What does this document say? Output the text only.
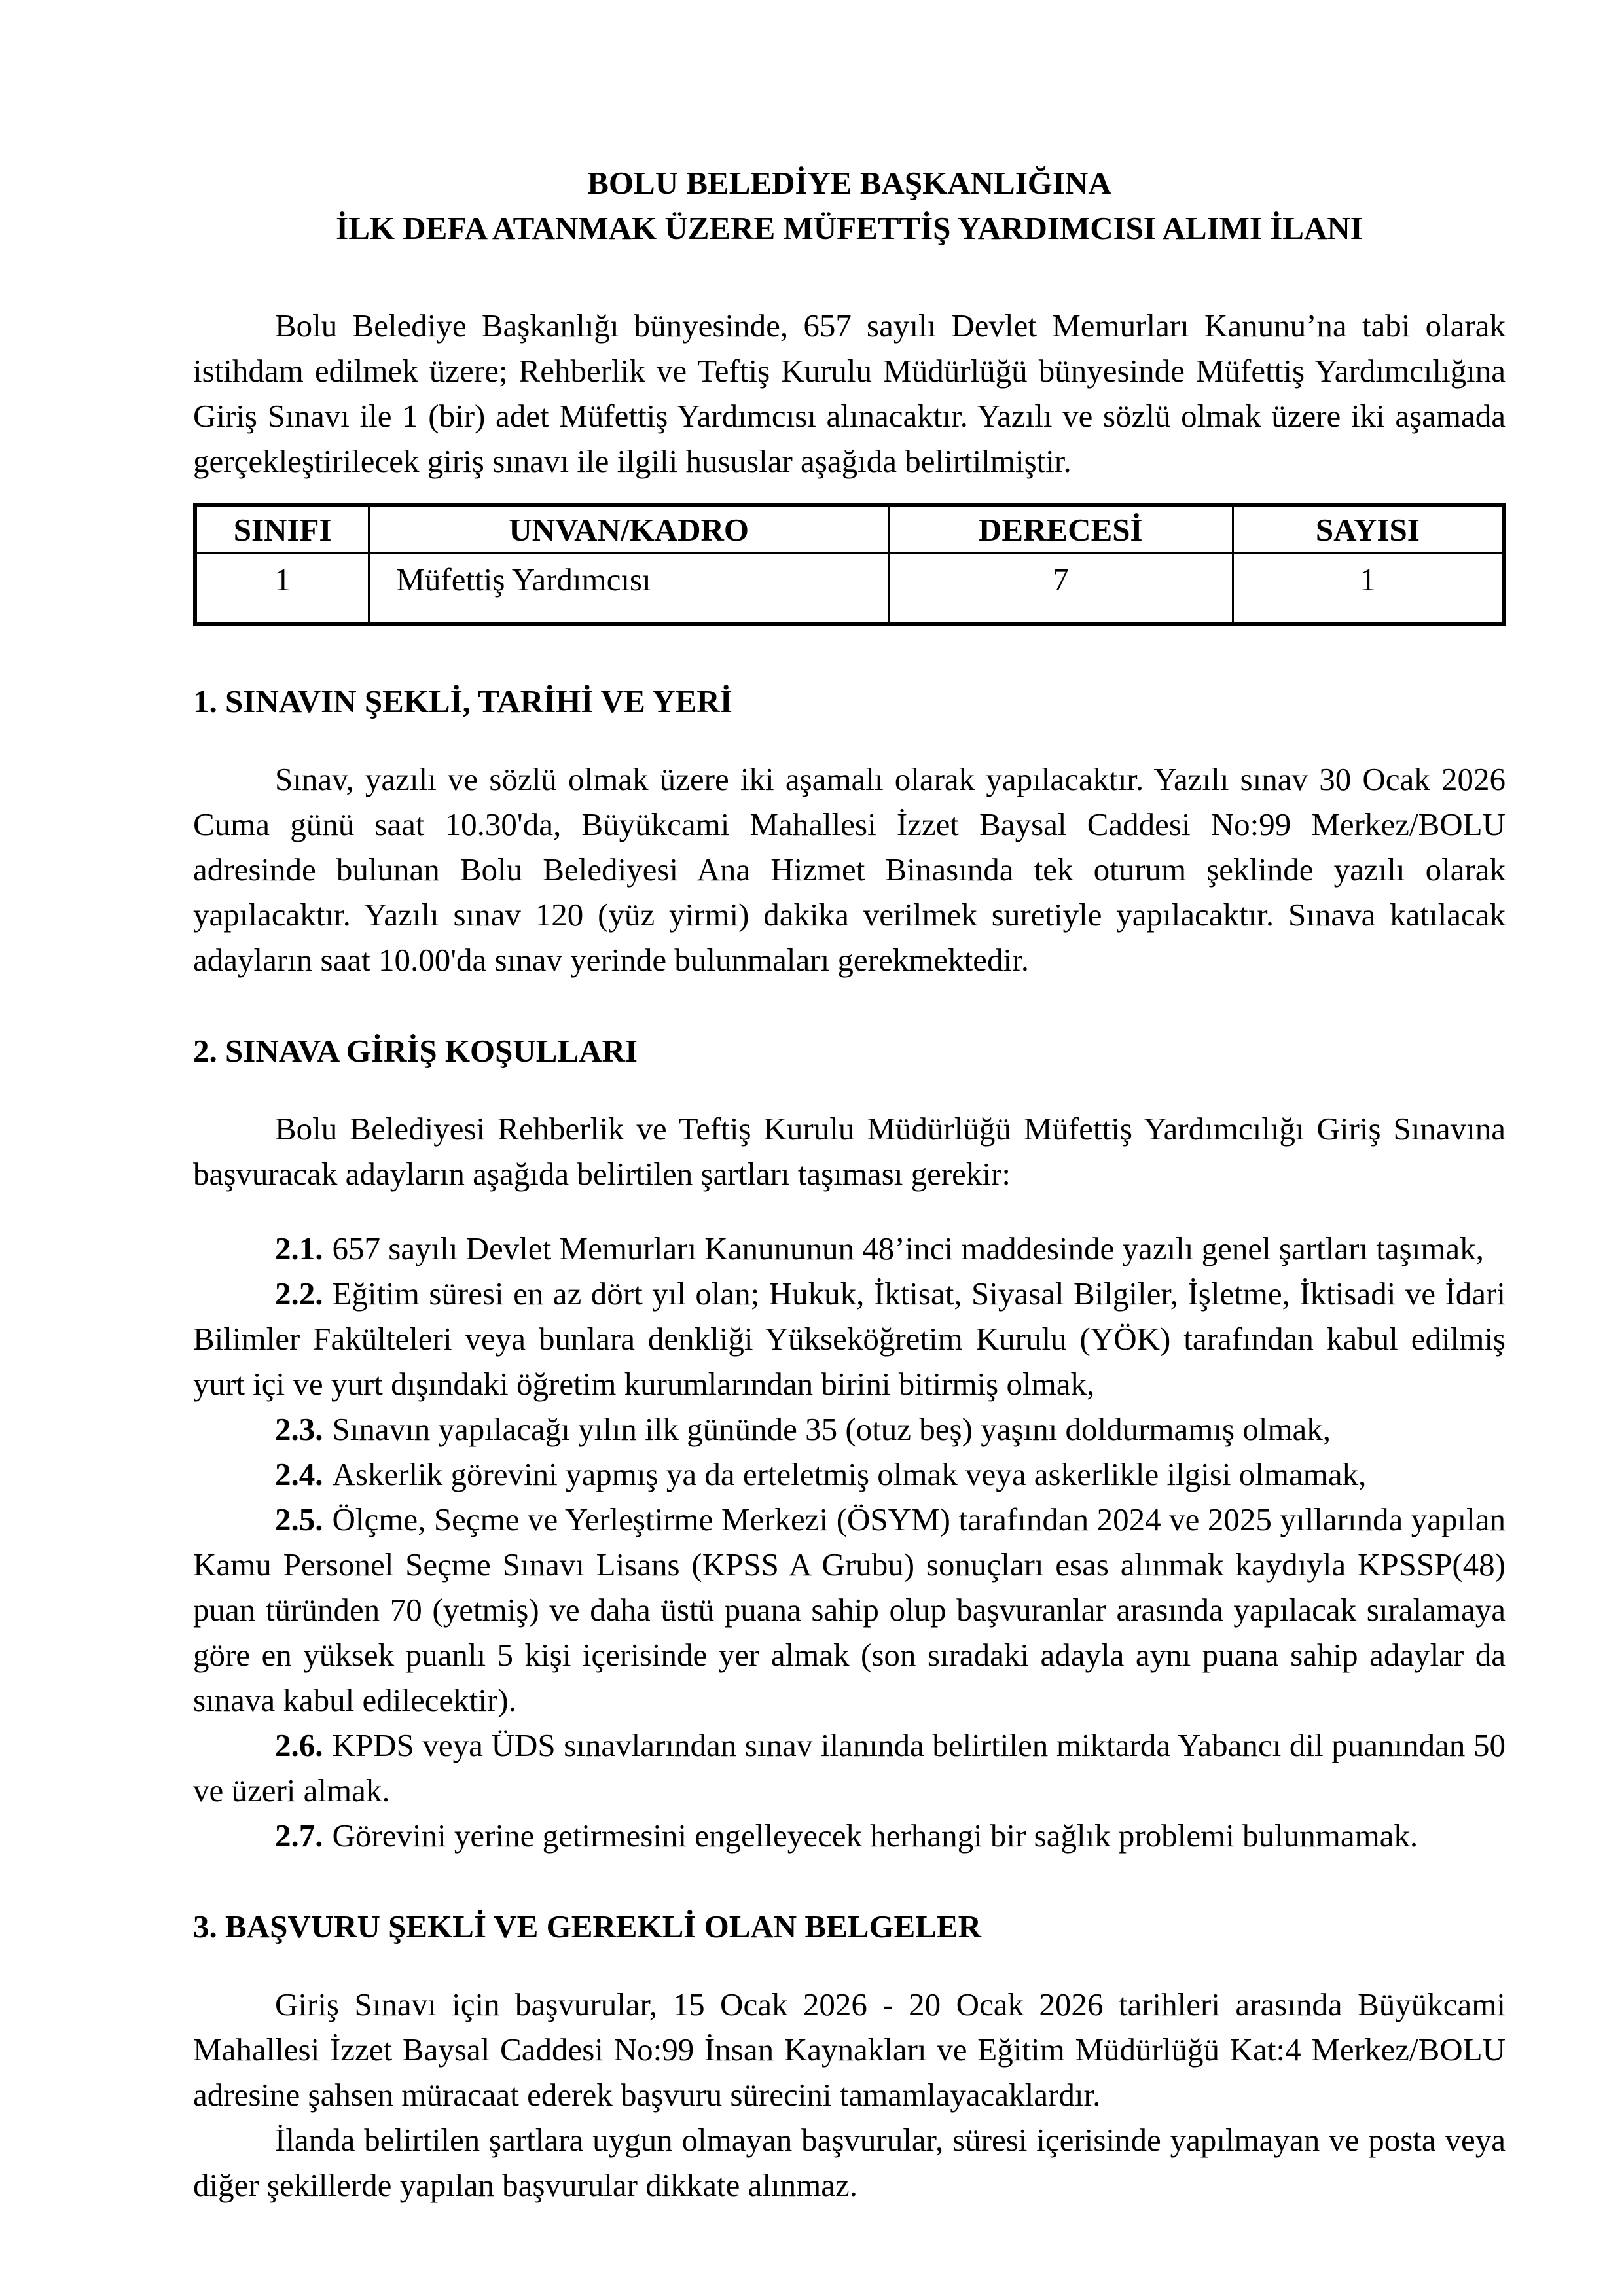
BOLU BELEDİYE BAŞKANLIĞINA
İLK DEFA ATANMAK ÜZERE MÜFETTİŞ YARDIMCISI ALIMI İLANI

Bolu Belediye Başkanlığı bünyesinde, 657 sayılı Devlet Memurları Kanunu’na tabi olarak istihdam edilmek üzere; Rehberlik ve Teftiş Kurulu Müdürlüğü bünyesinde Müfettiş Yardımcılığına Giriş Sınavı ile 1 (bir) adet Müfettiş Yardımcısı alınacaktır. Yazılı ve sözlü olmak üzere iki aşamada gerçekleştirilecek giriş sınavı ile ilgili hususlar aşağıda belirtilmiştir.

SINIFI	UNVAN/KADRO	DERECESİ	SAYISI
1	Müfettiş Yardımcısı	7	1
1. SINAVIN ŞEKLİ, TARİHİ VE YERİ

Sınav, yazılı ve sözlü olmak üzere iki aşamalı olarak yapılacaktır. Yazılı sınav 30 Ocak 2026 Cuma günü saat 10.30'da, Büyükcami Mahallesi İzzet Baysal Caddesi No:99 Merkez/BOLU adresinde bulunan Bolu Belediyesi Ana Hizmet Binasında tek oturum şeklinde yazılı olarak yapılacaktır. Yazılı sınav 120 (yüz yirmi) dakika verilmek suretiyle yapılacaktır. Sınava katılacak adayların saat 10.00'da sınav yerinde bulunmaları gerekmektedir.

2. SINAVA GİRİŞ KOŞULLARI

Bolu Belediyesi Rehberlik ve Teftiş Kurulu Müdürlüğü Müfettiş Yardımcılığı Giriş Sınavına başvuracak adayların aşağıda belirtilen şartları taşıması gerekir:

2.1. 657 sayılı Devlet Memurları Kanununun 48’inci maddesinde yazılı genel şartları taşımak,

2.2. Eğitim süresi en az dört yıl olan; Hukuk, İktisat, Siyasal Bilgiler, İşletme, İktisadi ve İdari Bilimler Fakülteleri veya bunlara denkliği Yükseköğretim Kurulu (YÖK) tarafından kabul edilmiş yurt içi ve yurt dışındaki öğretim kurumlarından birini bitirmiş olmak,

2.3. Sınavın yapılacağı yılın ilk gününde 35 (otuz beş) yaşını doldurmamış olmak,

2.4. Askerlik görevini yapmış ya da erteletmiş olmak veya askerlikle ilgisi olmamak,

2.5. Ölçme, Seçme ve Yerleştirme Merkezi (ÖSYM) tarafından 2024 ve 2025 yıllarında yapılan Kamu Personel Seçme Sınavı Lisans (KPSS A Grubu) sonuçları esas alınmak kaydıyla KPSSP(48) puan türünden 70 (yetmiş) ve daha üstü puana sahip olup başvuranlar arasında yapılacak sıralamaya göre en yüksek puanlı 5 kişi içerisinde yer almak (son sıradaki adayla aynı puana sahip adaylar da sınava kabul edilecektir).

2.6. KPDS veya ÜDS sınavlarından sınav ilanında belirtilen miktarda Yabancı dil puanından 50 ve üzeri almak.

2.7. Görevini yerine getirmesini engelleyecek herhangi bir sağlık problemi bulunmamak.

3. BAŞVURU ŞEKLİ VE GEREKLİ OLAN BELGELER

Giriş Sınavı için başvurular, 15 Ocak 2026 - 20 Ocak 2026 tarihleri arasında Büyükcami Mahallesi İzzet Baysal Caddesi No:99 İnsan Kaynakları ve Eğitim Müdürlüğü Kat:4 Merkez/BOLU adresine şahsen müracaat ederek başvuru sürecini tamamlayacaklardır.

İlanda belirtilen şartlara uygun olmayan başvurular, süresi içerisinde yapılmayan ve posta veya diğer şekillerde yapılan başvurular dikkate alınmaz.
